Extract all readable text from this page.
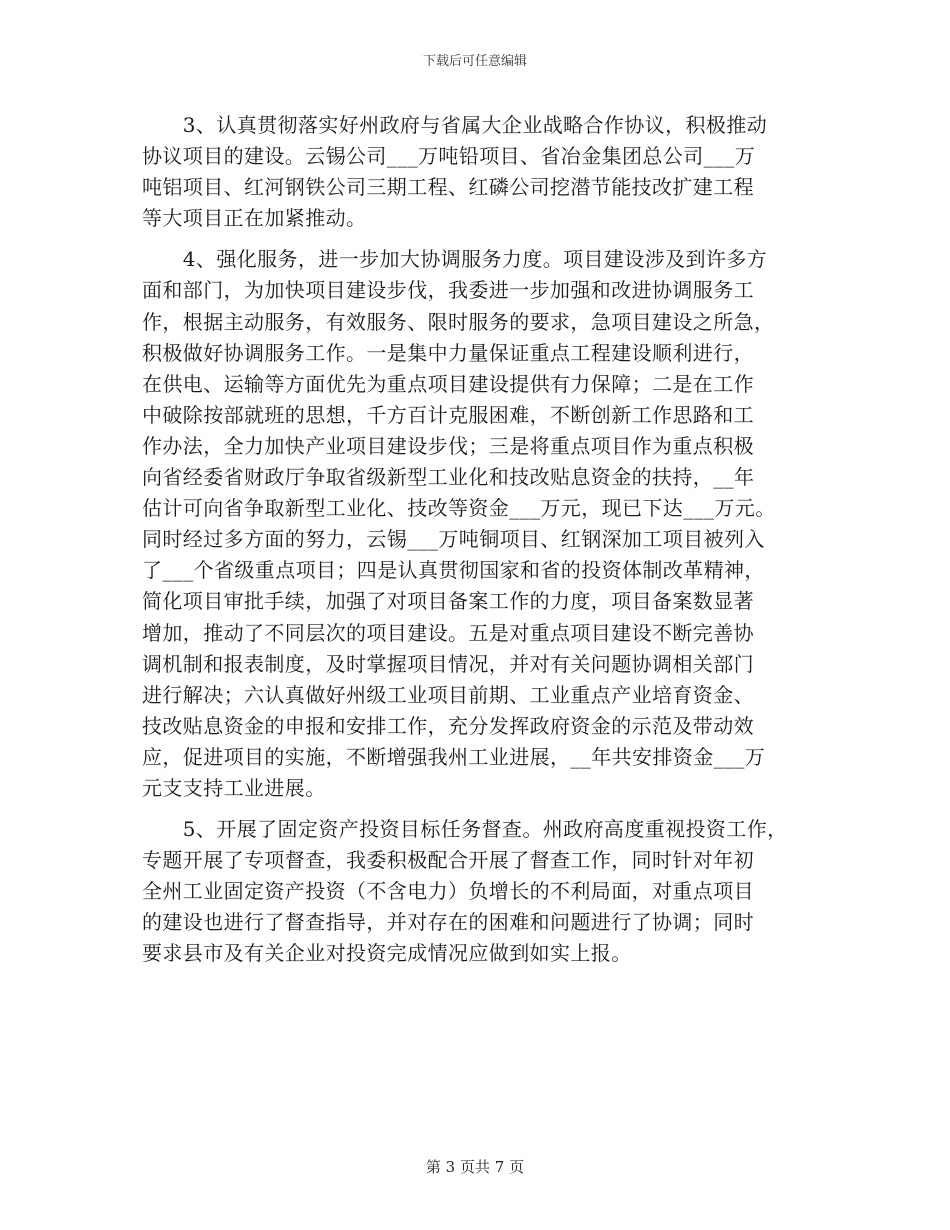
下载后可任意编辑
　　3、认真贯彻落实好州政府与省属大企业战略合作协议，积极推动
协议项目的建设。云锡公司___万吨铅项目、省冶金集团总公司___万
吨铝项目、红河钢铁公司三期工程、红磷公司挖潜节能技改扩建工程
等大项目正在加紧推动。
　　4、强化服务，进一步加大协调服务力度。项目建设涉及到许多方
面和部门，为加快项目建设步伐，我委进一步加强和改进协调服务工
作，根据主动服务，有效服务、限时服务的要求，急项目建设之所急，
积极做好协调服务工作。一是集中力量保证重点工程建设顺利进行，
在供电、运输等方面优先为重点项目建设提供有力保障；二是在工作
中破除按部就班的思想，千方百计克服困难，不断创新工作思路和工
作办法，全力加快产业项目建设步伐；三是将重点项目作为重点积极
向省经委省财政厅争取省级新型工业化和技改贴息资金的扶持，__年
估计可向省争取新型工业化、技改等资金___万元，现已下达___万元。
同时经过多方面的努力，云锡___万吨铜项目、红钢深加工项目被列入
了___个省级重点项目；四是认真贯彻国家和省的投资体制改革精神，
简化项目审批手续，加强了对项目备案工作的力度，项目备案数显著
增加，推动了不同层次的项目建设。五是对重点项目建设不断完善协
调机制和报表制度，及时掌握项目情况，并对有关问题协调相关部门
进行解决；六认真做好州级工业项目前期、工业重点产业培育资金、
技改贴息资金的申报和安排工作，充分发挥政府资金的示范及带动效
应，促进项目的实施，不断增强我州工业进展，__年共安排资金___万
元支支持工业进展。
　　5、开展了固定资产投资目标任务督查。州政府高度重视投资工作，
专题开展了专项督查，我委积极配合开展了督查工作，同时针对年初
全州工业固定资产投资（不含电力）负增长的不利局面，对重点项目
的建设也进行了督查指导，并对存在的困难和问题进行了协调；同时
要求县市及有关企业对投资完成情况应做到如实上报。
第 3 页共 7 页
